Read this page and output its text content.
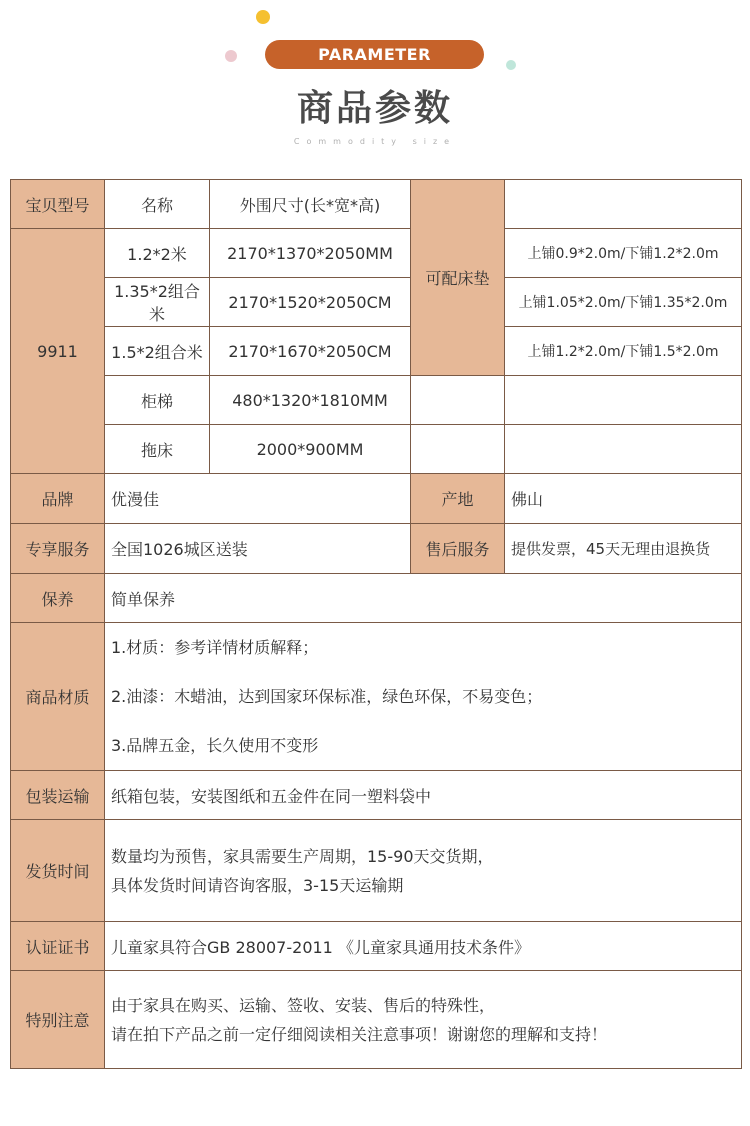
PARAMETER
商品参数
Commodity size
宝贝型号	名称	外围尺寸(长*宽*高)	可配床垫	
9911	1.2*2米	2170*1370*2050MM		上铺0.9*2.0m/下铺1.2*2.0m
	1.35*2组合米	2170*1520*2050CM		上铺1.05*2.0m/下铺1.35*2.0m
	1.5*2组合米	2170*1670*2050CM		上铺1.2*2.0m/下铺1.5*2.0m
	柜梯	480*1320*1810MM		
	拖床	2000*900MM		
品牌	优漫佳		产地	佛山
专享服务	全国1026城区送装		售后服务	提供发票，45天无理由退换货
保养	简单保养			
商品材质	1.材质：参考详情材质解释；
2.油漆：木蜡油，达到国家环保标准，绿色环保，不易变色；
3.品牌五金，长久使用不变形			

包装运输	纸箱包装，安装图纸和五金件在同一塑料袋中			
发货时间	数量均为预售，家具需要生产周期，15-90天交货期，
具体发货时间请咨询客服，3-15天运输期			

认证证书	儿童家具符合GB 28007-2011 《儿童家具通用技术条件》			
特别注意	由于家具在购买、运输、签收、安装、售后的特殊性，
请在拍下产品之前一定仔细阅读相关注意事项！谢谢您的理解和支持！			
